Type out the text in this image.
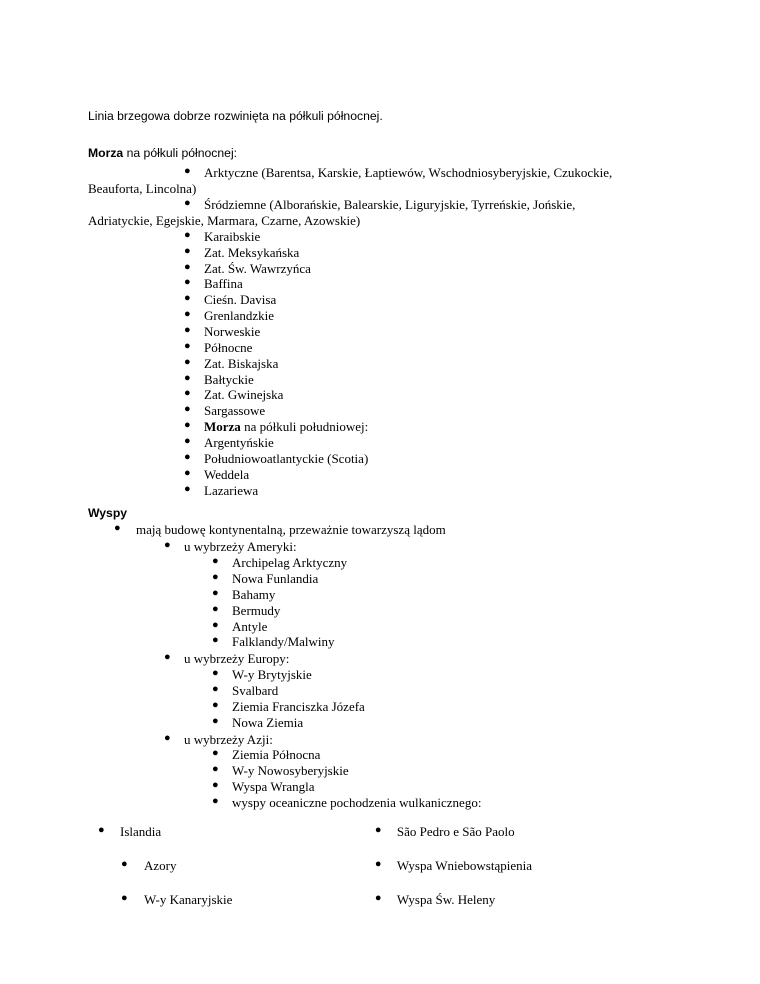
Linia brzegowa dobrze rozwinięta na półkuli północnej.

Morza na półkuli północnej:

● Arktyczne (Barentsa, Karskie, Łaptiewów, Wschodniosyberyjskie, Czukockie,
Beauforta, Lincolna)
● Śródziemne (Alborańskie, Balearskie, Liguryjskie, Tyrreńskie, Jońskie,
Adriatyckie, Egejskie, Marmara, Czarne, Azowskie)
● Karaibskie
● Zat. Meksykańska
● Zat. Św. Wawrzyńca
● Baffina
● Cieśn. Davisa
● Grenlandzkie
● Norweskie
● Północne
● Zat. Biskajska
● Bałtyckie
● Zat. Gwinejska
● Sargassowe
● Morza na półkuli południowej:
● Argentyńskie
● Południowoatlantyckie (Scotia)
● Weddela
● Lazariewa

Wyspy

● mają budowę kontynentalną, przeważnie towarzyszą lądom
● u wybrzeży Ameryki:
● Archipelag Arktyczny
● Nowa Funlandia
● Bahamy
● Bermudy
● Antyle
● Falklandy/Malwiny
● u wybrzeży Europy:
● W-y Brytyjskie
● Svalbard
● Ziemia Franciszka Józefa
● Nowa Ziemia
● u wybrzeży Azji:
● Ziemia Północna
● W-y Nowosyberyjskie
● Wyspa Wrangla
● wyspy oceaniczne pochodzenia wulkanicznego:
● Islandia	● São Pedro e São Paolo

● Azory	● Wyspa Wniebowstąpienia

● W-y Kanaryjskie	● Wyspa Św. Heleny
